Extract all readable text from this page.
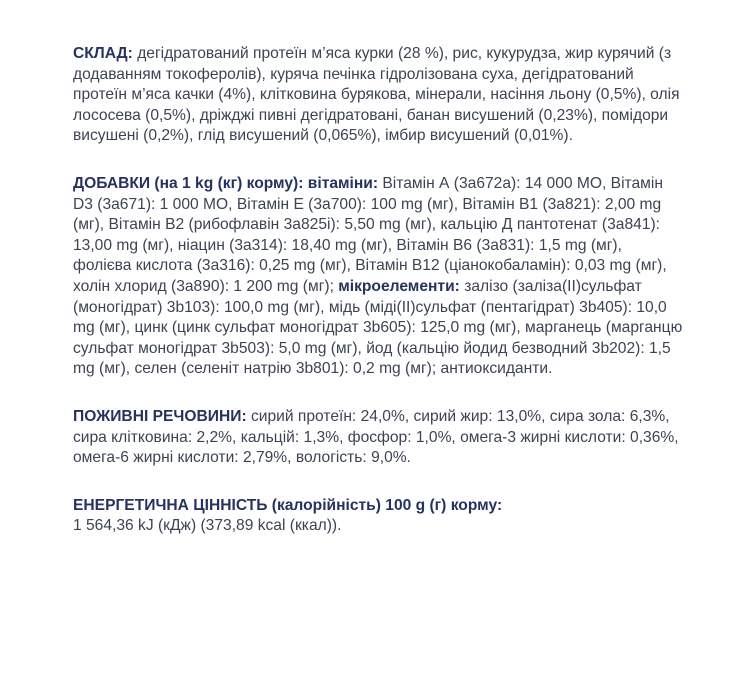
СКЛАД: дегідратований протеїн м’яса курки (28 %), рис, кукурудза, жир курячий (з додаванням токоферолів), куряча печінка гідролізована суха, дегідратований протеїн м’яса качки (4%), клітковина бурякова, мінерали, насіння льону (0,5%), олія лососева (0,5%), дріжджі пивні дегідратовані, банан висушений (0,23%), помідори висушені (0,2%), глід висушений (0,065%), імбир висушений (0,01%).

ДОБАВКИ (на 1 kg (кг) корму): вітаміни: Вітамін А (3а672а): 14 000 МО, Вітамін D3 (3а671): 1 000 МО, Вітамін Е (3а700): 100 mg (мг), Вітамін В1 (3а821): 2,00 mg (мг), Вітамін В2 (рибофлавін 3а825і): 5,50 mg (мг), кальцію Д пантотенат (3а841): 13,00 mg (мг), ніацин (3а314): 18,40 mg (мг), Вітамін В6 (3а831): 1,5 mg (мг), фолієва кислота (3а316): 0,25 mg (мг), Вітамін В12 (ціанокобаламін): 0,03 mg (мг), холін хлорид (3а890): 1 200 mg (мг); мікроелементи: залізо (заліза(ІІ)сульфат (моногідрат) 3b103): 100,0 mg (мг), мідь (міді(ІІ)сульфат (пентагідрат) 3b405): 10,0 mg (мг), цинк (цинк сульфат моногідрат 3b605): 125,0 mg (мг), марганець (марганцю сульфат моногідрат 3b503): 5,0 mg (мг), йод (кальцію йодид безводний 3b202): 1,5 mg (мг), селен (селеніт натрію 3b801): 0,2 mg (мг); антиоксиданти.

ПОЖИВНІ РЕЧОВИНИ: сирий протеїн: 24,0%, сирий жир: 13,0%, сира зола: 6,3%, сира клітковина: 2,2%, кальцій: 1,3%, фосфор: 1,0%, омега-3 жирні кислоти: 0,36%, омега-6 жирні кислоти: 2,79%, вологість: 9,0%.

ЕНЕРГЕТИЧНА ЦІННІСТЬ (калорійність) 100 g (г) корму:
1 564,36 kJ (кДж) (373,89 kcal (ккал)).
